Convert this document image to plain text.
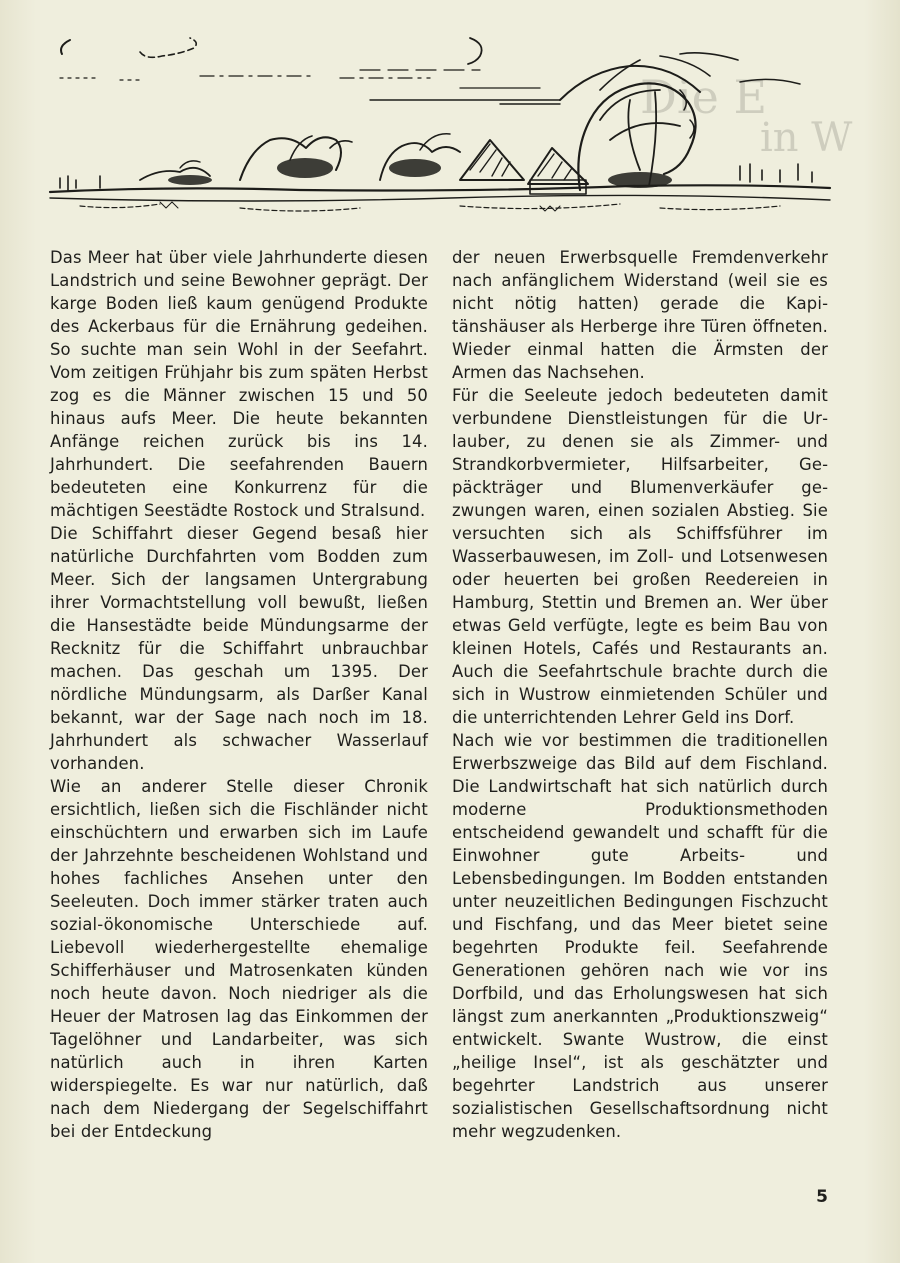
Die E
in W

Das Meer hat über viele Jahrhunderte diesen Landstrich und seine Bewohner geprägt. Der karge Boden ließ kaum genügend Produkte des Ackerbaus für die Ernährung gedeihen. So suchte man sein Wohl in der Seefahrt. Vom zeitigen Frühjahr bis zum späten Herbst zog es die Männer zwischen 15 und 50 hinaus aufs Meer. Die heute bekannten Anfänge reichen zurück bis ins 14. Jahrhundert. Die seefahrenden Bauern bedeuteten eine Konkurrenz für die mächtigen Seestädte Rostock und Stralsund.

Die Schiffahrt dieser Gegend besaß hier natürliche Durchfahrten vom Bodden zum Meer. Sich der langsamen Untergrabung ihrer Vormachtstellung voll bewußt, ließen die Hansestädte beide Mündungsarme der Recknitz für die Schiffahrt unbrauchbar machen. Das geschah um 1395. Der nördliche Mündungsarm, als Darßer Kanal bekannt, war der Sage nach noch im 18. Jahrhundert als schwacher Wasserlauf vorhanden.

Wie an anderer Stelle dieser Chronik ersichtlich, ließen sich die Fischländer nicht einschüchtern und erwarben sich im Laufe der Jahrzehnte bescheidenen Wohlstand und hohes fachliches Ansehen unter den Seeleuten. Doch immer stärker traten auch sozial-ökonomische Unterschiede auf. Liebevoll wiederhergestellte ehemalige Schifferhäuser und Matrosenkaten künden noch heute davon. Noch niedriger als die Heuer der Matrosen lag das Einkommen der Tagelöhner und Landarbeiter, was sich natürlich auch in ihren Karten widerspiegelte. Es war nur natürlich, daß nach dem Niedergang der Segelschiffahrt bei der Entdeckung

der neuen Erwerbsquelle Fremdenverkehr nach anfänglichem Widerstand (weil sie es nicht nötig hatten) gerade die Kapitänshäuser als Herberge ihre Türen öffneten. Wieder einmal hatten die Ärmsten der Armen das Nachsehen.

Für die Seeleute jedoch bedeuteten damit verbundene Dienstleistungen für die Urlauber, zu denen sie als Zimmer- und Strandkorbvermieter, Hilfsarbeiter, Gepäckträger und Blumenverkäufer gezwungen waren, einen sozialen Abstieg. Sie versuchten sich als Schiffsführer im Wasserbauwesen, im Zoll- und Lotsenwesen oder heuerten bei großen Reedereien in Hamburg, Stettin und Bremen an. Wer über etwas Geld verfügte, legte es beim Bau von kleinen Hotels, Cafés und Restaurants an. Auch die Seefahrtschule brachte durch die sich in Wustrow einmietenden Schüler und die unterrichtenden Lehrer Geld ins Dorf.

Nach wie vor bestimmen die traditionellen Erwerbszweige das Bild auf dem Fischland. Die Landwirtschaft hat sich natürlich durch moderne Produktionsmethoden entscheidend gewandelt und schafft für die Einwohner gute Arbeits- und Lebensbedingungen. Im Bodden entstanden unter neuzeitlichen Bedingungen Fischzucht und Fischfang, und das Meer bietet seine begehrten Produkte feil. Seefahrende Generationen gehören nach wie vor ins Dorfbild, und das Erholungswesen hat sich längst zum anerkannten „Produktionszweig“ entwickelt. Swante Wustrow, die einst „heilige Insel“, ist als geschätzter und begehrter Landstrich aus unserer sozialistischen Gesellschaftsordnung nicht mehr wegzudenken.

5
